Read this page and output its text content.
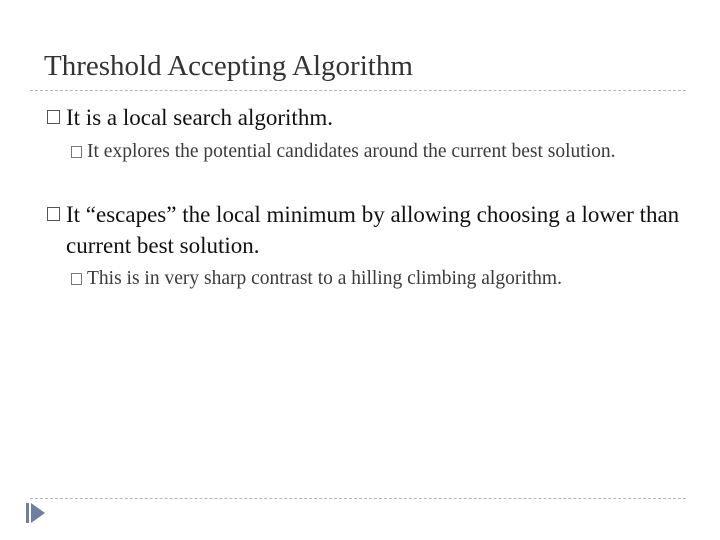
Threshold Accepting Algorithm
It is a local search algorithm.
It explores the potential candidates around the current best solution.
It “escapes” the local minimum by allowing choosing a lower than current best solution.
This is in very sharp contrast to a hilling climbing algorithm.
